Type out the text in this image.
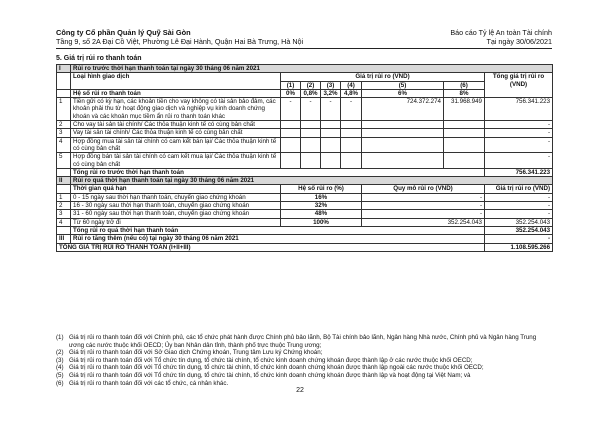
Công ty Cổ phần Quản lý Quỹ Sài Gòn
Tầng 9, số 2A Đại Cồ Việt, Phường Lê Đại Hành, Quận Hai Bà Trưng, Hà Nội
Báo cáo Tỷ lệ An toàn Tài chính
Tại ngày 30/06/2021
5. Giá trị rủi ro thanh toán
I	Rủi ro trước thời hạn thanh toán tại ngày 30 tháng 06 năm 2021							
	Loại hình giao dịch	Giá trị rủi ro (VND)						Tổng giá trị rủi ro (VND)
		(1)	(2)	(3)	(4)	(5)	(6)	
	Hệ số rủi ro thanh toán	0%	0,8%	3,2%	4,8%	6%	8%	
1	Tiền gửi có kỳ hạn, các khoản tiền cho vay không có tài sản bảo đảm, các khoản phải thu từ hoạt động giao dịch và nghiệp vụ kinh doanh chứng khoán và các khoản mục tiềm ẩn rủi ro thanh toán khác	-	-	-	-	724.372.274	31.968.949	756.341.223
2	Cho vay tài sản tài chính/ Các thỏa thuận kinh tế có cùng bản chất							-
3	Vay tài sản tài chính/ Các thỏa thuận kinh tế có cùng bản chất							-
4	Hợp đồng mua tài sản tài chính có cam kết bán lại/ Các thỏa thuận kinh tế có cùng bản chất							-
5	Hợp đồng bán tài sản tài chính có cam kết mua lại/ Các thỏa thuận kinh tế có cùng bản chất							-
	Tổng rủi ro trước thời hạn thanh toán							756.341.223
II	Rủi ro quá thời hạn thanh toán tại ngày 30 tháng 06 năm 2021							
	Thời gian quá hạn	Hệ số rủi ro (%)				Quy mô rủi ro (VND)		Giá trị rủi ro (VND)
1	0 - 15 ngày sau thời hạn thanh toán, chuyển giao chứng khoán	16%				-		-
2	16 - 30 ngày sau thời hạn thanh toán, chuyển giao chứng khoán	32%				-		-
3	31 - 60 ngày sau thời hạn thanh toán, chuyển giao chứng khoán	48%				-		-
4	Từ 60 ngày trở đi	100%				352.254.043		352.254.043
	Tổng rủi ro quá thời hạn thanh toán							352.254.043
III	Rủi ro tăng thêm (nếu có) tại ngày 30 tháng 06 năm 2021							-
TỔNG GIÁ TRỊ RỦI RO THANH TOÁN (I+II+III)								1.108.595.266
(1) Giá trị rủi ro thanh toán đối với Chính phủ, các tổ chức phát hành được Chính phủ bảo lãnh, Bộ Tài chính bảo lãnh, Ngân hàng Nhà nước, Chính phủ và Ngân hàng Trung ương các nước thuộc khối OECD; Ủy ban Nhân dân tỉnh, thành phố trực thuộc Trung ương;
(2) Giá trị rủi ro thanh toán đối với Sở Giao dịch Chứng khoán, Trung tâm Lưu ký Chứng khoán;
(3) Giá trị rủi ro thanh toán đối với Tổ chức tín dụng, tổ chức tài chính, tổ chức kinh doanh chứng khoán được thành lập ở các nước thuộc khối OECD;
(4) Giá trị rủi ro thanh toán đối với Tổ chức tín dụng, tổ chức tài chính, tổ chức kinh doanh chứng khoán được thành lập ngoài các nước thuộc khối OECD;
(5) Giá trị rủi ro thanh toán đối với Tổ chức tín dụng, tổ chức tài chính, tổ chức kinh doanh chứng khoán được thành lập và hoạt động tại Việt Nam; và
(6) Giá trị rủi ro thanh toán đối với các tổ chức, cá nhân khác.
22
